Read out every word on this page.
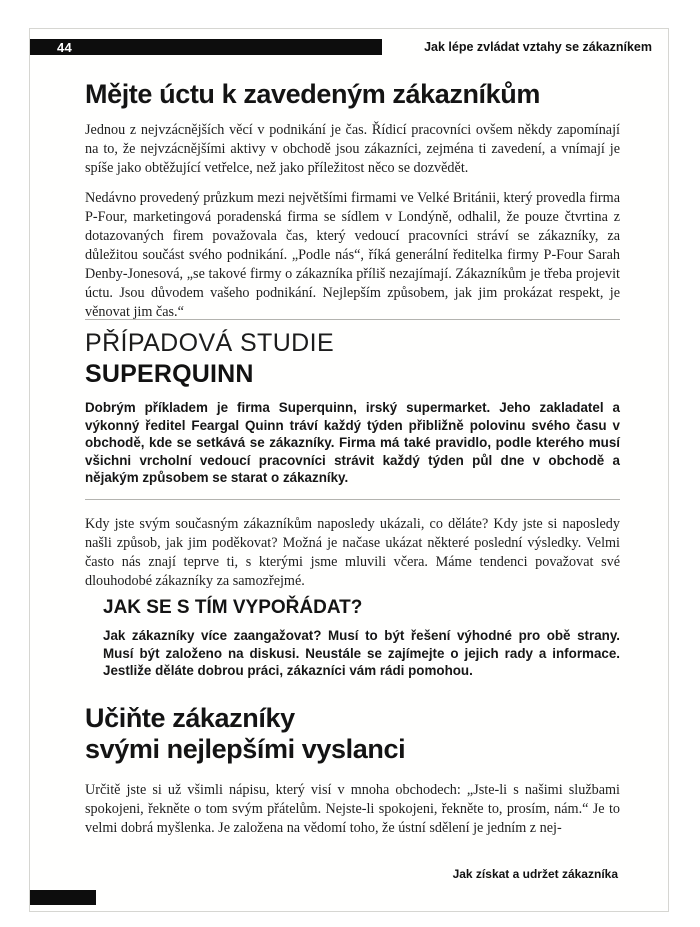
44	Jak lépe zvládat vztahy se zákazníkem
Mějte úctu k zavedeným zákazníkům

Jednou z nejvzácnějších věcí v podnikání je čas. Řídicí pracovníci ovšem někdy zapomínají na to, že nejvzácnějšími aktivy v obchodě jsou zákazníci, zejména ti zavedení, a vnímají je spíše jako obtěžující vetřelce, než jako příležitost něco se dozvědět.

Nedávno provedený průzkum mezi největšími firmami ve Velké Británii, který provedla firma P-Four, marketingová poradenská firma se sídlem v Londýně, odhalil, že pouze čtvrtina z dotazovaných firem považovala čas, který vedoucí pracovníci stráví se zákazníky, za důležitou součást svého podnikání. „Podle nás“, říká generální ředitelka firmy P-Four Sarah Denby-Jonesová, „se takové firmy o zákazníka příliš nezajímají. Zákazníkům je třeba projevit úctu. Jsou důvodem vašeho podnikání. Nejlepším způsobem, jak jim prokázat respekt, je věnovat jim čas.“

PŘÍPADOVÁ STUDIE
SUPERQUINN

Dobrým příkladem je firma Superquinn, irský supermarket. Jeho zakladatel a výkonný ředitel Feargal Quinn tráví každý týden přibližně polovinu svého času v obchodě, kde se setkává se zákazníky. Firma má také pravidlo, podle kterého musí všichni vrcholní vedoucí pracovníci strávit každý týden půl dne v obchodě a nějakým způsobem se starat o zákazníky.

Kdy jste svým současným zákazníkům naposledy ukázali, co děláte? Kdy jste si naposledy našli způsob, jak jim poděkovat? Možná je načase ukázat některé poslední výsledky. Velmi často nás znají teprve ti, s kterými jsme mluvili včera. Máme tendenci považovat své dlouhodobé zákazníky za samozřejmé.

JAK SE S TÍM VYPOŘÁDAT?

Jak zákazníky více zaangažovat? Musí to být řešení výhodné pro obě strany. Musí být založeno na diskusi. Neustále se zajímejte o jejich rady a informace. Jestliže děláte dobrou práci, zákazníci vám rádi pomohou.

Učiňte zákazníky
svými nejlepšími vyslanci

Určitě jste si už všimli nápisu, který visí v mnoha obchodech: „Jste-li s našimi službami spokojeni, řekněte o tom svým přátelům. Nejste-li spokojeni, řekněte to, prosím, nám.“ Je to velmi dobrá myšlenka. Je založena na vědomí toho, že ústní sdělení je jedním z nej-

Jak získat a udržet zákazníka
